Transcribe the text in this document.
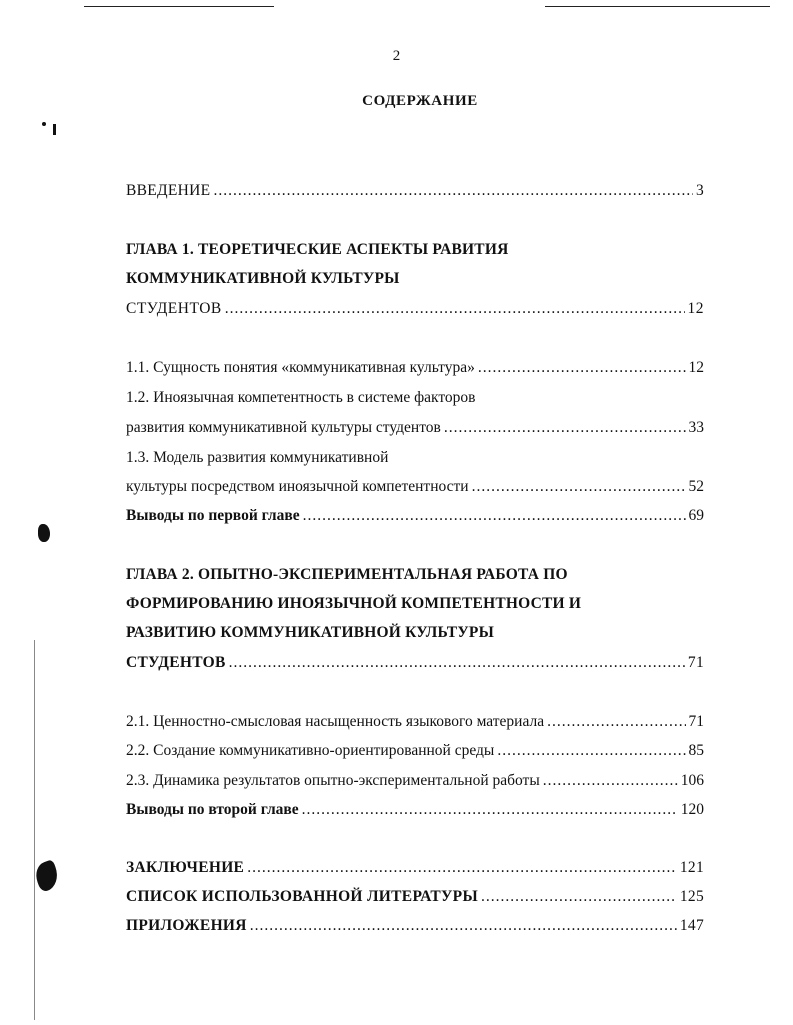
2
СОДЕРЖАНИЕ
ВВЕДЕНИЕ .....	3
ГЛАВА 1. ТЕОРЕТИЧЕСКИЕ АСПЕКТЫ РАВИТИЯ
КОММУНИКАТИВНОЙ КУЛЬТУРЫ
СТУДЕНТОВ .....	12
1.1. Сущность понятия «коммуникативная культура» .....	12
1.2. Иноязычная компетентность в системе факторов
развития коммуникативной культуры студентов .....	33
1.3. Модель развития коммуникативной
культуры посредством иноязычной компетентности .....	52
Выводы по первой главе .....	69
ГЛАВА 2. ОПЫТНО-ЭКСПЕРИМЕНТАЛЬНАЯ РАБОТА ПО
ФОРМИРОВАНИЮ ИНОЯЗЫЧНОЙ КОМПЕТЕНТНОСТИ И
РАЗВИТИЮ КОММУНИКАТИВНОЙ КУЛЬТУРЫ
СТУДЕНТОВ .....	71
2.1. Ценностно-смысловая насыщенность языкового материала .....	71
2.2. Создание коммуникативно-ориентированной среды .....	85
2.3. Динамика результатов опытно-экспериментальной работы .....	106
Выводы по второй главе .....	120
ЗАКЛЮЧЕНИЕ .....	121
СПИСОК ИСПОЛЬЗОВАННОЙ ЛИТЕРАТУРЫ .....	125
ПРИЛОЖЕНИЯ .....	147
